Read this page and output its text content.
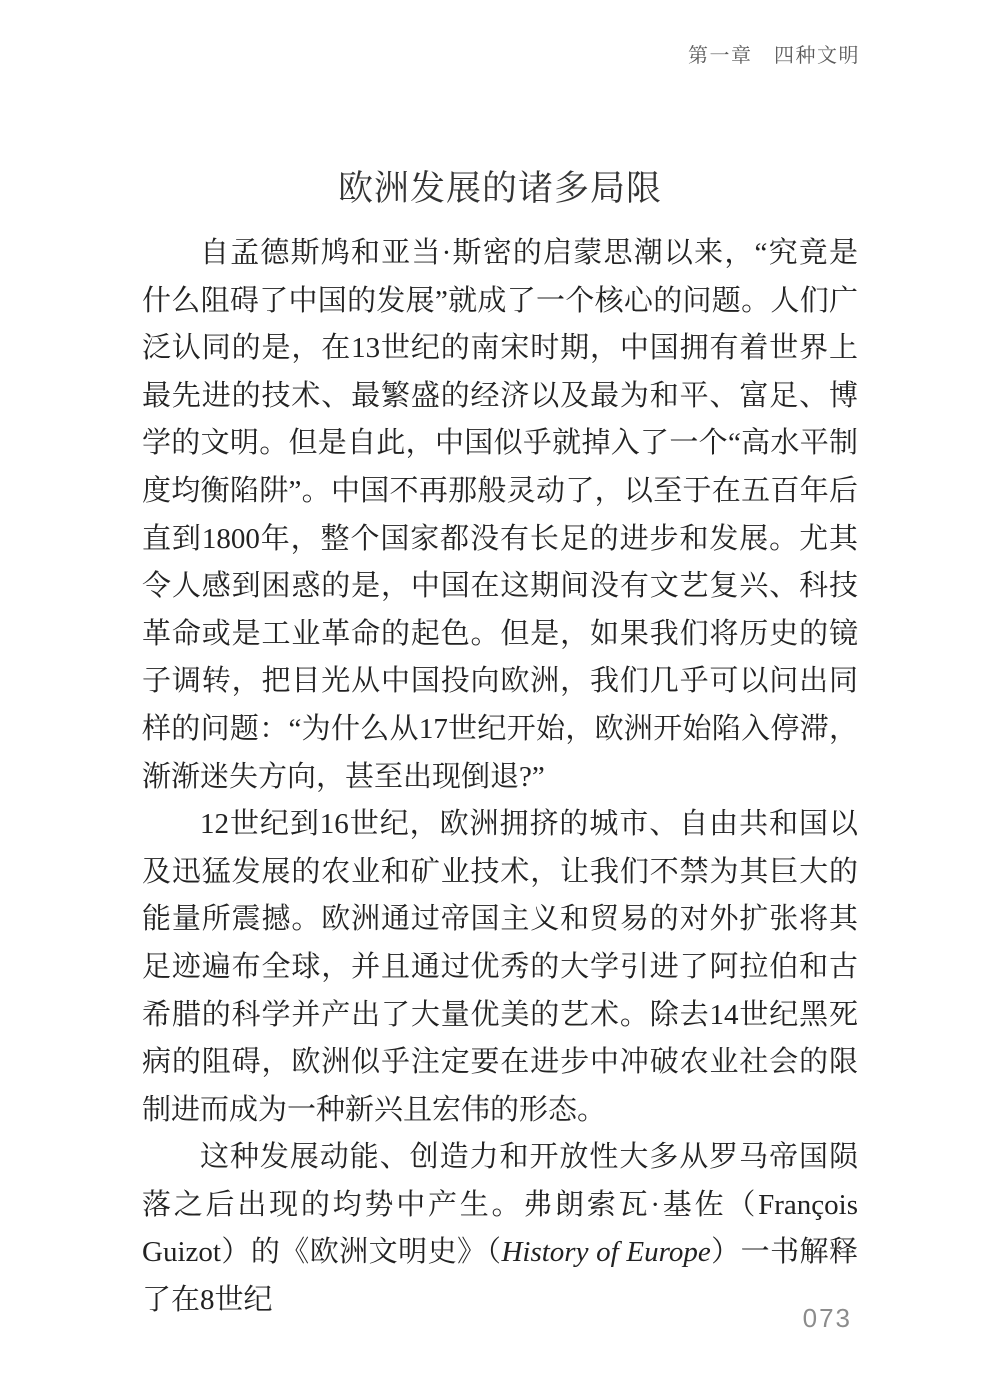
第一章　四种文明
欧洲发展的诸多局限

自孟德斯鸠和亚当·斯密的启蒙思潮以来，“究竟是什么阻碍了中国的发展”就成了一个核心的问题。人们广泛认同的是，在13世纪的南宋时期，中国拥有着世界上最先进的技术、最繁盛的经济以及最为和平、富足、博学的文明。但是自此，中国似乎就掉入了一个“高水平制度均衡陷阱”。中国不再那般灵动了，以至于在五百年后直到1800年，整个国家都没有长足的进步和发展。尤其令人感到困惑的是，中国在这期间没有文艺复兴、科技革命或是工业革命的起色。但是，如果我们将历史的镜子调转，把目光从中国投向欧洲，我们几乎可以问出同样的问题：“为什么从17世纪开始，欧洲开始陷入停滞，渐渐迷失方向，甚至出现倒退?”

12世纪到16世纪，欧洲拥挤的城市、自由共和国以及迅猛发展的农业和矿业技术，让我们不禁为其巨大的能量所震撼。欧洲通过帝国主义和贸易的对外扩张将其足迹遍布全球，并且通过优秀的大学引进了阿拉伯和古希腊的科学并产出了大量优美的艺术。除去14世纪黑死病的阻碍，欧洲似乎注定要在进步中冲破农业社会的限制进而成为一种新兴且宏伟的形态。

这种发展动能、创造力和开放性大多从罗马帝国陨落之后出现的均势中产生。弗朗索瓦·基佐（François Guizot）的《欧洲文明史》（History of Europe）一书解释了在8世纪

073
